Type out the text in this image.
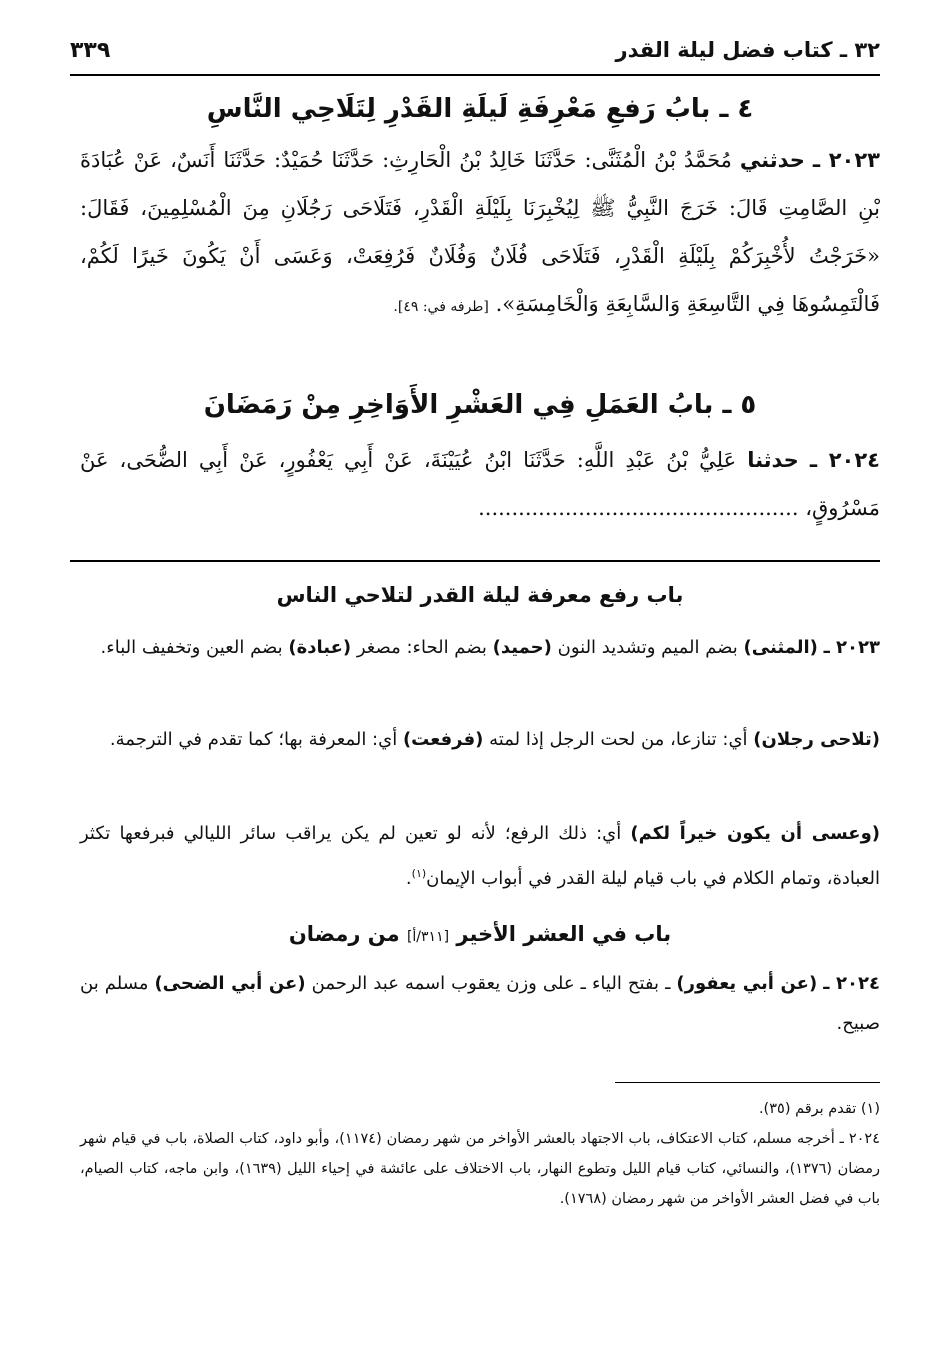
٣٢ ـ كتاب فضل ليلة القدر
٣٣٩
٤ ـ بابُ رَفعِ مَعْرِفَةِ لَيلَةِ القَدْرِ لِتَلَاحِي النَّاسِ
٢٠٢٣ ـ حدثني مُحَمَّدُ بْنُ الْمُثَنَّى: حَدَّثَنَا خَالِدُ بْنُ الْحَارِثِ: حَدَّثَنَا حُمَيْدٌ: حَدَّثَنَا أَنَسٌ، عَنْ عُبَادَةَ بْنِ الصَّامِتِ قَالَ: خَرَجَ النَّبِيُّ ﷺ لِيُخْبِرَنَا بِلَيْلَةِ الْقَدْرِ، فَتَلَاحَى رَجُلَانِ مِنَ الْمُسْلِمِينَ، فَقَالَ: «خَرَجْتُ لأُخْبِرَكُمْ بِلَيْلَةِ الْقَدْرِ، فَتَلَاحَى فُلَانٌ وَفُلَانٌ فَرُفِعَتْ، وَعَسَى أَنْ يَكُونَ خَيرًا لَكُمْ، فَالْتَمِسُوهَا فِي التَّاسِعَةِ وَالسَّابِعَةِ وَالْخَامِسَةِ». [طرفه في: ٤٩].
٥ ـ بابُ العَمَلِ فِي العَشْرِ الأَوَاخِرِ مِنْ رَمَضَانَ
٢٠٢٤ ـ حدثنا عَلِيُّ بْنُ عَبْدِ اللَّهِ: حَدَّثَنَا ابْنُ عُيَيْنَةَ، عَنْ أَبِي يَعْفُورٍ، عَنْ أَبِي الضُّحَى، عَنْ مَسْرُوقٍ، ................................................
باب رفع معرفة ليلة القدر لتلاحي الناس
٢٠٢٣ ـ (المثنى) بضم الميم وتشديد النون (حميد) بضم الحاء: مصغر (عبادة) بضم العين وتخفيف الباء.
(تلاحى رجلان) أي: تنازعا، من لحت الرجل إذا لمته (فرفعت) أي: المعرفة بها؛ كما تقدم في الترجمة.
(وعسى أن يكون خيراً لكم) أي: ذلك الرفع؛ لأنه لو تعين لم يكن يراقب سائر الليالي فبرفعها تكثر العبادة، وتمام الكلام في باب قيام ليلة القدر في أبواب الإيمان$^{(١)}$.
باب في العشر الأخير [٣١١/أ] من رمضان
٢٠٢٤ ـ (عن أبي يعفور) ـ بفتح الياء ـ على وزن يعقوب اسمه عبد الرحمن (عن أبي الضحى) مسلم بن صبيح.
(١) تقدم برقم (٣٥).
٢٠٢٤ ـ أخرجه مسلم، كتاب الاعتكاف، باب الاجتهاد بالعشر الأواخر من شهر رمضان (١١٧٤)، وأبو داود، كتاب الصلاة، باب في قيام شهر رمضان (١٣٧٦)، والنسائي، كتاب قيام الليل وتطوع النهار، باب الاختلاف على عائشة في إحياء الليل (١٦٣٩)، وابن ماجه، كتاب الصيام، باب في فضل العشر الأواخر من شهر رمضان (١٧٦٨).
